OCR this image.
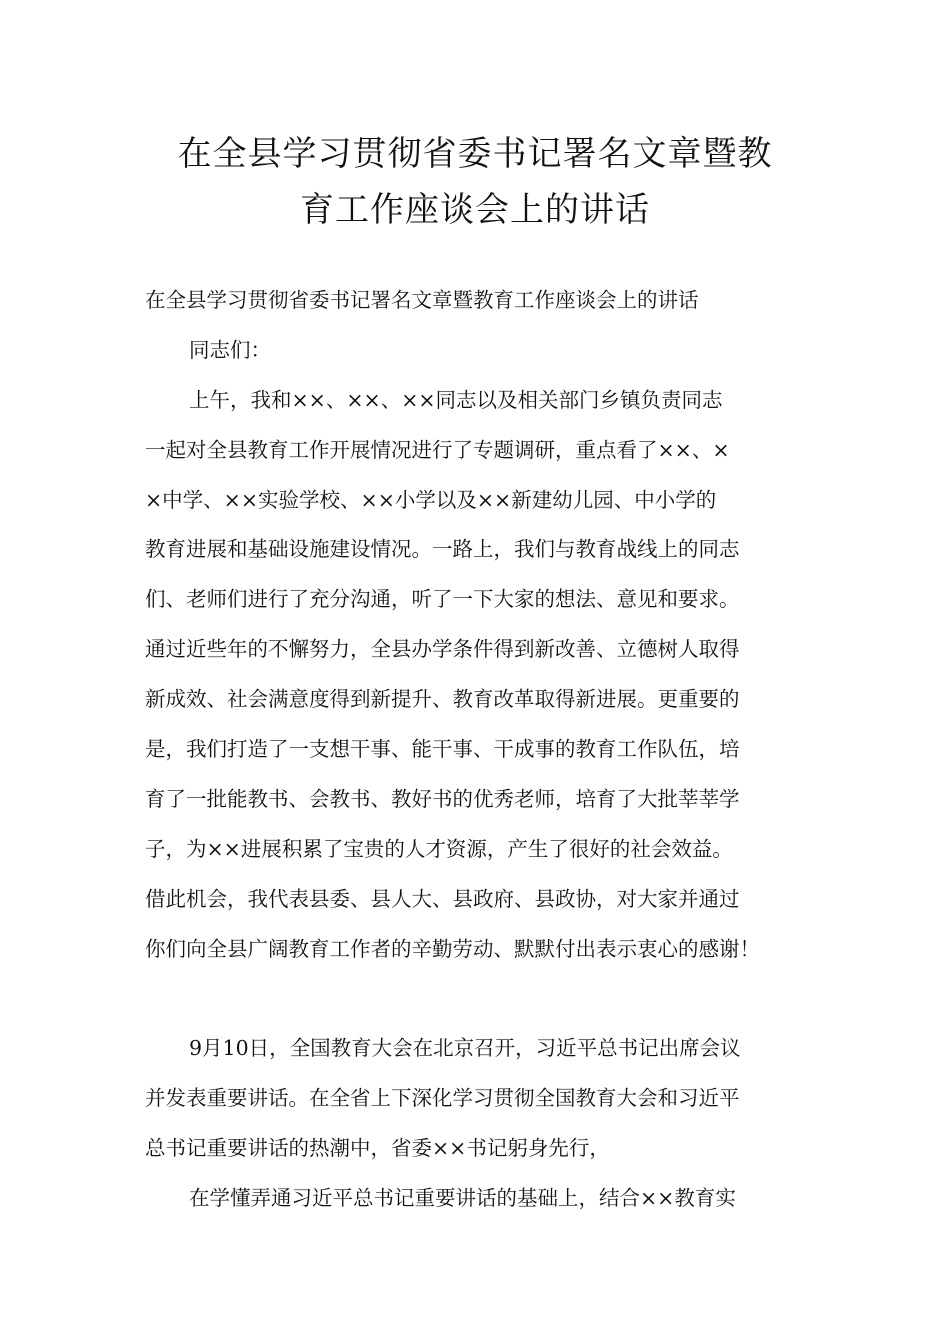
在全县学习贯彻省委书记署名文章暨教
育工作座谈会上的讲话
在全县学习贯彻省委书记署名文章暨教育工作座谈会上的讲话
同志们：
上午，我和××、××、××同志以及相关部门乡镇负责同志
一起对全县教育工作开展情况进行了专题调研，重点看了××、×
×中学、××实验学校、××小学以及××新建幼儿园、中小学的
教育进展和基础设施建设情况。一路上，我们与教育战线上的同志
们、老师们进行了充分沟通，听了一下大家的想法、意见和要求。
通过近些年的不懈努力，全县办学条件得到新改善、立德树人取得
新成效、社会满意度得到新提升、教育改革取得新进展。更重要的
是，我们打造了一支想干事、能干事、干成事的教育工作队伍，培
育了一批能教书、会教书、教好书的优秀老师，培育了大批莘莘学
子，为××进展积累了宝贵的人才资源，产生了很好的社会效益。
借此机会，我代表县委、县人大、县政府、县政协，对大家并通过
你们向全县广阔教育工作者的辛勤劳动、默默付出表示衷心的感谢！
9月10日，全国教育大会在北京召开，习近平总书记出席会议
并发表重要讲话。在全省上下深化学习贯彻全国教育大会和习近平
总书记重要讲话的热潮中，省委××书记躬身先行，
在学懂弄通习近平总书记重要讲话的基础上，结合××教育实
